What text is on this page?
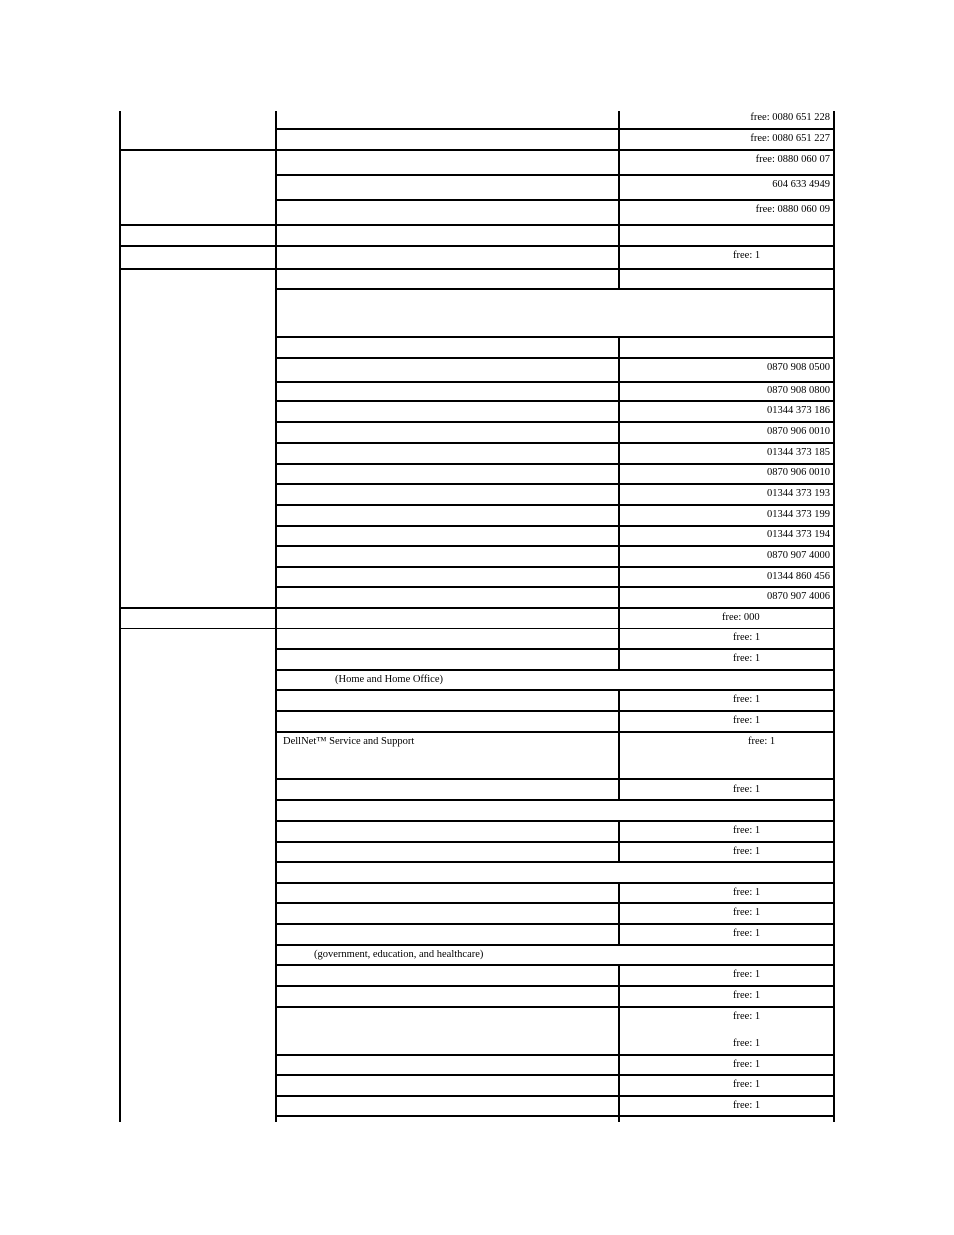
free: 0080 651 228
free: 0080 651 227
free: 0880 060 07
604 633 4949
free: 0880 060 09
free: 1
0870 908 0500
0870 908 0800
01344 373 186
0870 906 0010
01344 373 185
0870 906 0010
01344 373 193
01344 373 199
01344 373 194
0870 907 4000
01344 860 456
0870 907 4006
free: 000
free: 1
free: 1
(Home and Home Office)
free: 1
free: 1
DellNet™ Service and Support	free: 1
free: 1
free: 1
free: 1
free: 1
free: 1
free: 1
(government, education, and healthcare)
free: 1
free: 1
free: 1
free: 1
free: 1
free: 1
free: 1
